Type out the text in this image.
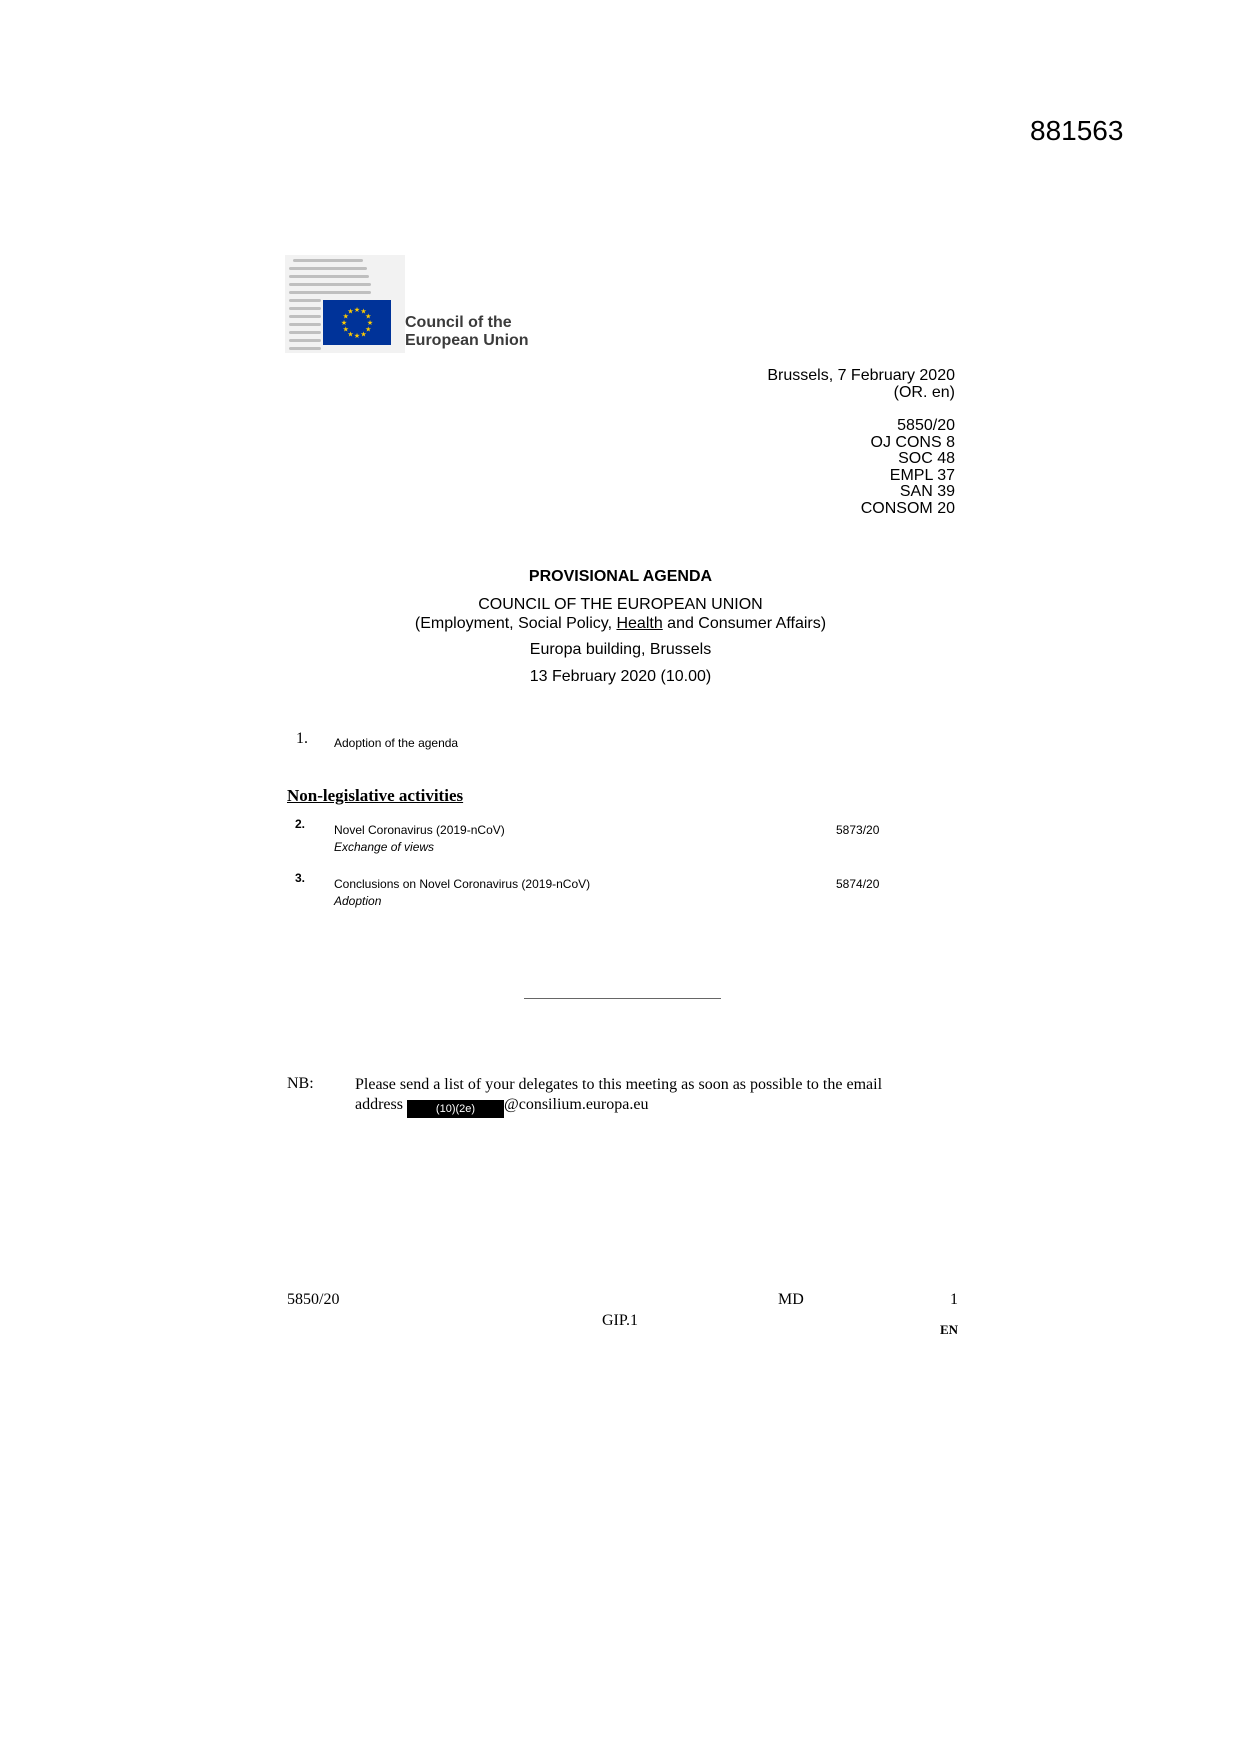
881563
★ ★
★
★
★
★
★
★
★
★
★
★
Council of the
European Union
Brussels, 7 February 2020
(OR. en)
5850/20
OJ CONS 8
SOC 48
EMPL 37
SAN 39
CONSOM 20
PROVISIONAL AGENDA
COUNCIL OF THE EUROPEAN UNION
(Employment, Social Policy, Health and Consumer Affairs)
Europa building, Brussels
13 February 2020 (10.00)
1. Adoption of the agenda
Non-legislative activities
2. Novel Coronavirus (2019-nCoV)
Exchange of views
5873/20
3. Conclusions on Novel Coronavirus (2019-nCoV)
Adoption
5874/20
NB:	Please send a list of your delegates to this meeting as soon as possible to the email address	(10)(2e) @consilium.europa.eu
5850/20	MD	1
GIP.1
EN
